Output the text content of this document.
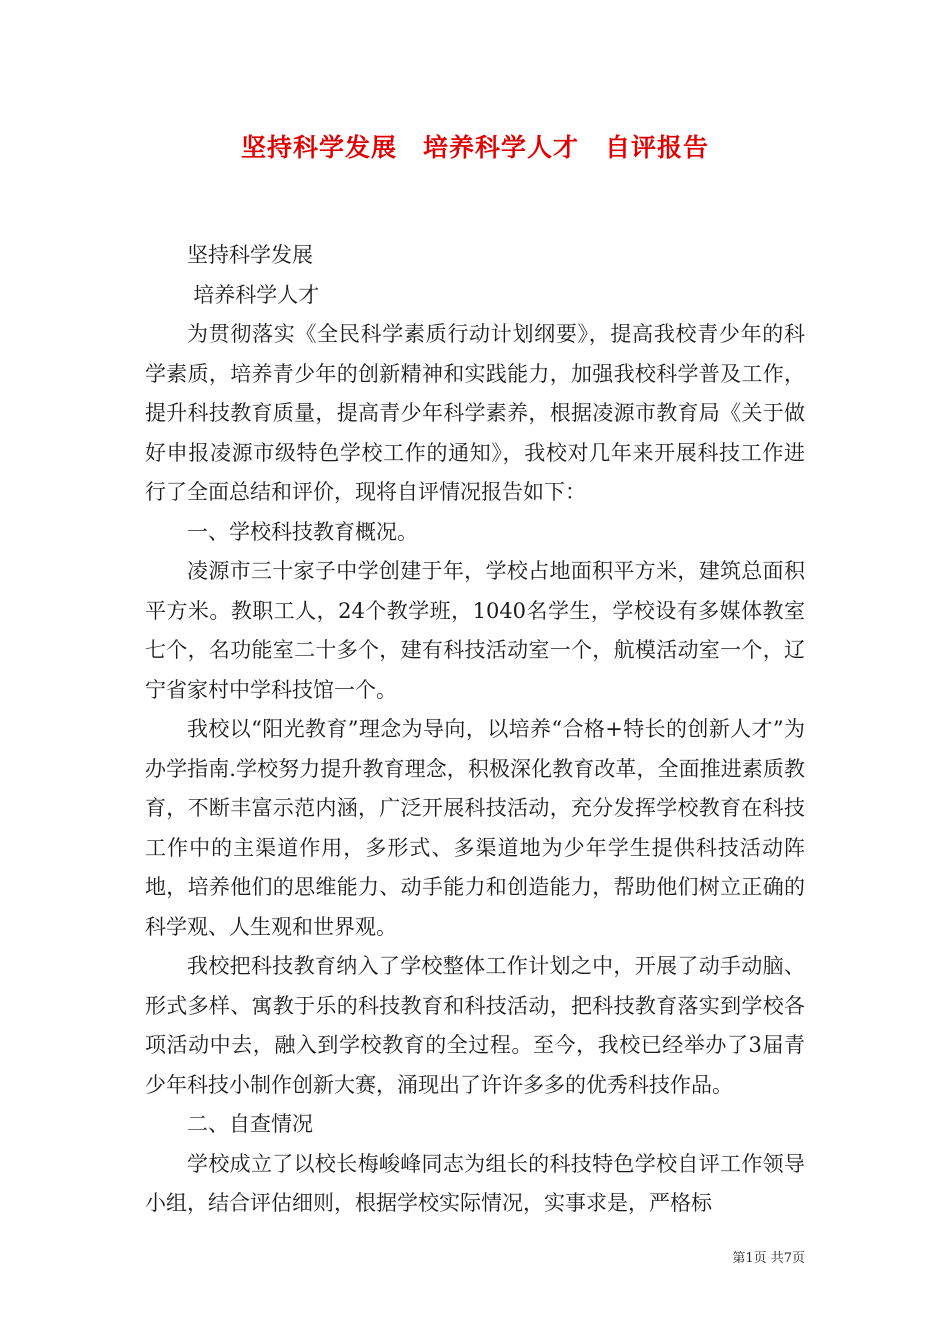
坚持科学发展　培养科学人才　自评报告

坚持科学发展

培养科学人才

为贯彻落实《全民科学素质行动计划纲要》，提高我校青少年的科学素质，培养青少年的创新精神和实践能力，加强我校科学普及工作，提升科技教育质量，提高青少年科学素养，根据凌源市教育局《关于做好申报凌源市级特色学校工作的通知》，我校对几年来开展科技工作进行了全面总结和评价，现将自评情况报告如下：

一、学校科技教育概况。

凌源市三十家子中学创建于年，学校占地面积平方米，建筑总面积平方米。教职工人，24个教学班，1040名学生，学校设有多媒体教室七个，名功能室二十多个，建有科技活动室一个，航模活动室一个，辽宁省家村中学科技馆一个。

我校以“阳光教育”理念为导向，以培养“合格+特长的创新人才”为办学指南.学校努力提升教育理念，积极深化教育改革，全面推进素质教育，不断丰富示范内涵，广泛开展科技活动，充分发挥学校教育在科技工作中的主渠道作用，多形式、多渠道地为少年学生提供科技活动阵地，培养他们的思维能力、动手能力和创造能力，帮助他们树立正确的科学观、人生观和世界观。

我校把科技教育纳入了学校整体工作计划之中，开展了动手动脑、形式多样、寓教于乐的科技教育和科技活动，把科技教育落实到学校各项活动中去，融入到学校教育的全过程。至今，我校已经举办了3届青少年科技小制作创新大赛，涌现出了许许多多的优秀科技作品。

二、自查情况

学校成立了以校长梅峻峰同志为组长的科技特色学校自评工作领导小组，结合评估细则，根据学校实际情况，实事求是，严格标

第1页 共7页
